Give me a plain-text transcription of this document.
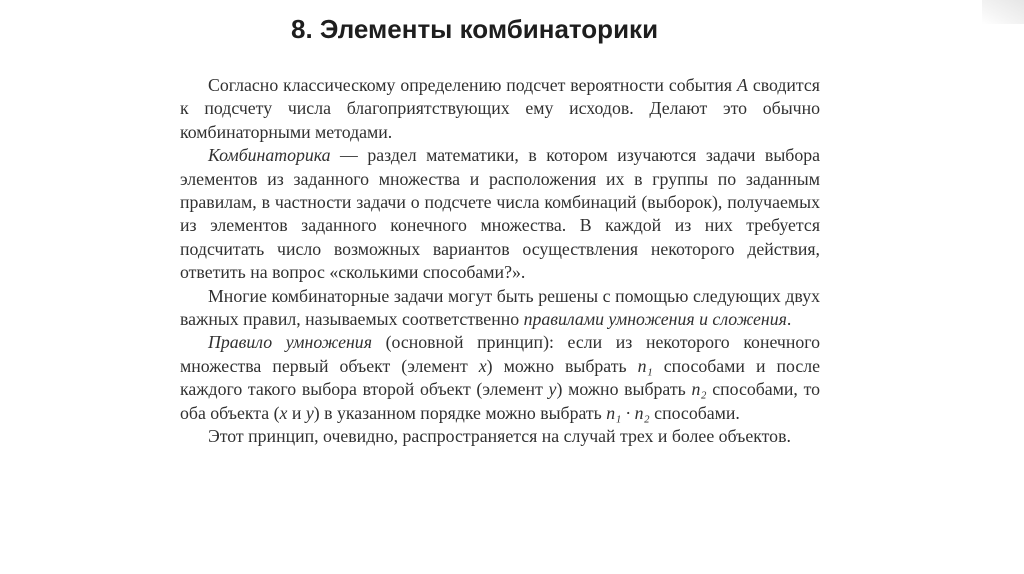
8. Элементы комбинаторики

Согласно классическому определению подсчет вероятности события A сводится к подсчету числа благоприятствующих ему исходов. Делают это обычно комбинаторными методами.

Комбинаторика — раздел математики, в котором изучаются задачи выбора элементов из заданного множества и расположения их в группы по заданным правилам, в частности задачи о подсчете числа комбинаций (выборок), получаемых из элементов заданного конечного множества. В каждой из них требуется подсчитать число возможных вариантов осуществления некоторого действия, ответить на вопрос «сколькими способами?».

Многие комбинаторные задачи могут быть решены с помощью следующих двух важных правил, называемых соответственно правилами умножения и сложения.

Правило умножения (основной принцип): если из некоторого конечного множества первый объект (элемент x) можно выбрать n₁ способами и после каждого такого выбора второй объект (элемент y) можно выбрать n₂ способами, то оба объекта (x и y) в указанном порядке можно выбрать n₁ · n₂ способами.

Этот принцип, очевидно, распространяется на случай трех и более объектов.
